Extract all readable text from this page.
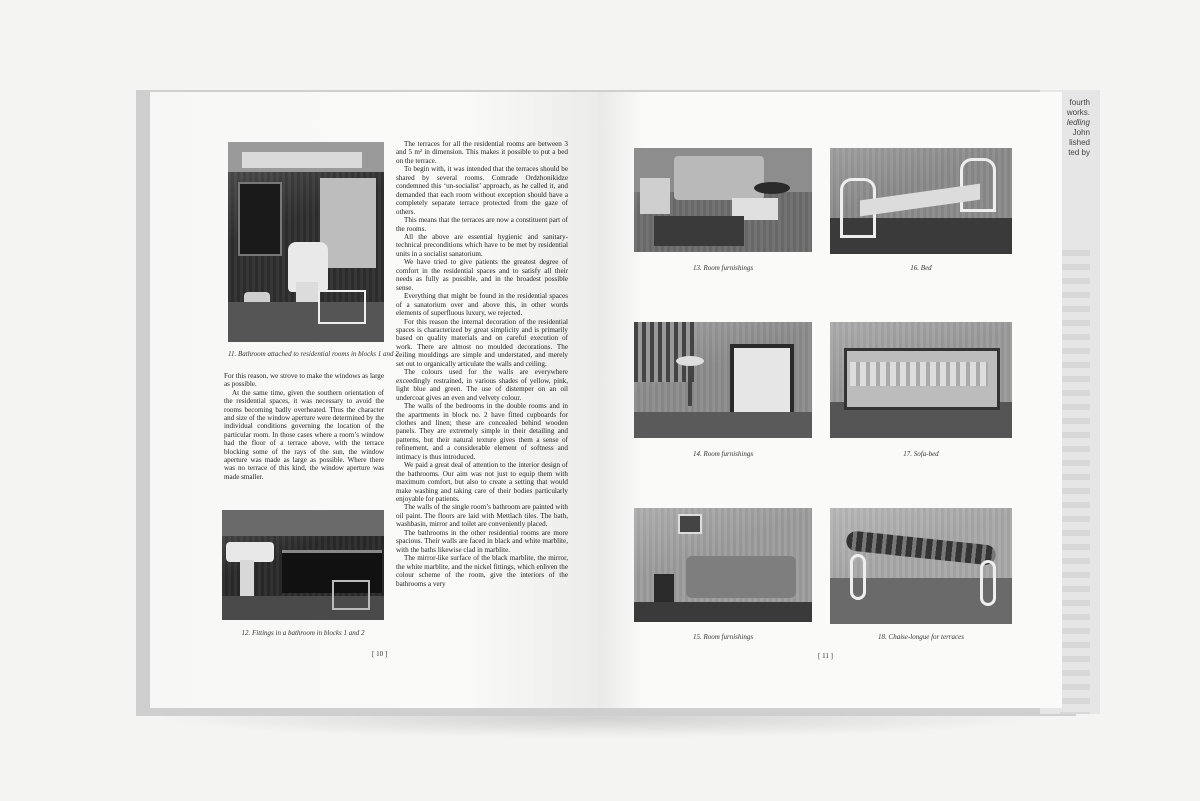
fourth
works.
ledling
John
lished
ted by
11. Bathroom attached to residential rooms in blocks 1 and 2

For this reason, we strove to make the windows as large as possible.

At the same time, given the southern orientation of the residential spaces, it was necessary to avoid the rooms becoming badly overheated. Thus the character and size of the window aperture were determined by the individual conditions governing the location of the particular room. In those cases where a room’s window had the floor of a terrace above, with the terrace blocking some of the rays of the sun, the window aperture was made as large as possible. Where there was no terrace of this kind, the window aperture was made smaller.

12. Fittings in a bathroom in blocks 1 and 2

The terraces for all the residential rooms are between 3 and 5 m² in dimension. This makes it possible to put a bed on the terrace.

To begin with, it was intended that the terraces should be shared by several rooms. Comrade Ordzhonikidze condemned this ‘un-socialist’ approach, as he called it, and demanded that each room without exception should have a completely separate terrace protected from the gaze of others.

This means that the terraces are now a constituent part of the rooms.

All the above are essential hygienic and sanitary-technical preconditions which have to be met by residential units in a socialist sanatorium.

We have tried to give patients the greatest degree of comfort in the residential spaces and to satisfy all their needs as fully as possible, and in the broadest possible sense.

Everything that might be found in the residential spaces of a sanatorium over and above this, in other words elements of superfluous luxury, we rejected.

For this reason the internal decoration of the residential spaces is characterized by great simplicity and is primarily based on quality materials and on careful execution of work. There are almost no moulded decorations. The ceiling mouldings are simple and understated, and merely set out to organically articulate the walls and ceiling.

The colours used for the walls are everywhere exceedingly restrained, in various shades of yellow, pink, light blue and green. The use of distemper on an oil undercoat gives an even and velvety colour.

The walls of the bedrooms in the double rooms and in the apartments in block no. 2 have fitted cupboards for clothes and linen; these are concealed behind wooden panels. They are extremely simple in their detailing and patterns, but their natural texture gives them a sense of refinement, and a considerable element of softness and intimacy is thus introduced.

We paid a great deal of attention to the interior design of the bathrooms. Our aim was not just to equip them with maximum comfort, but also to create a setting that would make washing and taking care of their bodies particularly enjoyable for patients.

The walls of the single room’s bathroom are painted with oil paint. The floors are laid with Mettlach tiles. The bath, washbasin, mirror and toilet are conveniently placed.

The bathrooms in the other residential rooms are more spacious. Their walls are faced in black and white marblite, with the baths likewise clad in marblite.

The mirror-like surface of the black marblite, the mirror, the white marblite, and the nickel fittings, which enliven the colour scheme of the room, give the interiors of the bathrooms a very

[ 10 ]
13. Room furnishings	16. Bed
14. Room furnishings	17. Sofa-bed
15. Room furnishings	18. Chaise-longue for terraces
[ 11 ]
